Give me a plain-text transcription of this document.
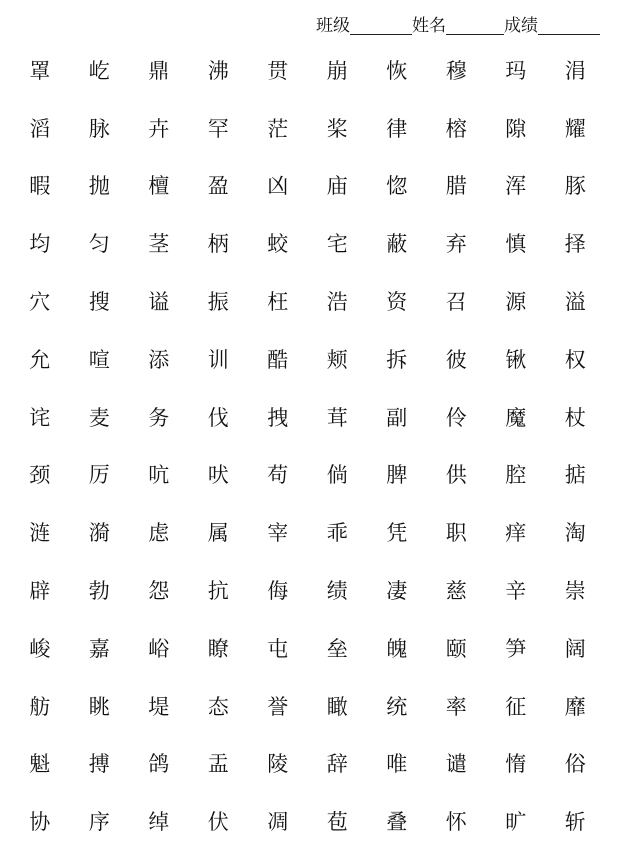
班级	姓名	成绩
罩	屹	鼎	沸	贯	崩	恢	穆	玛	涓
滔	脉	卉	罕	茫	桨	律	榕	隙	耀
暇	抛	檀	盈	凶	庙	惚	腊	浑	豚
均	匀	茎	柄	蛟	宅	蔽	弃	慎	择
穴	搜	谥	振	枉	浩	资	召	源	溢
允	喧	添	训	酷	颊	拆	彼	锹	权
诧	麦	务	伐	拽	茸	副	伶	魔	杖
颈	厉	吭	吠	苟	倘	脾	供	腔	掂
涟	漪	虑	属	宰	乖	凭	职	痒	淘
辟	勃	怨	抗	侮	绩	凄	慈	辛	崇
峻	嘉	峪	瞭	屯	垒	魄	颐	笋	阔
舫	眺	堤	态	誉	瞰	统	率	征	靡
魁	搏	鸽	盂	陵	辞	唯	谴	惰	俗
协	序	绰	伏	凋	苞	叠	怀	旷	斩
